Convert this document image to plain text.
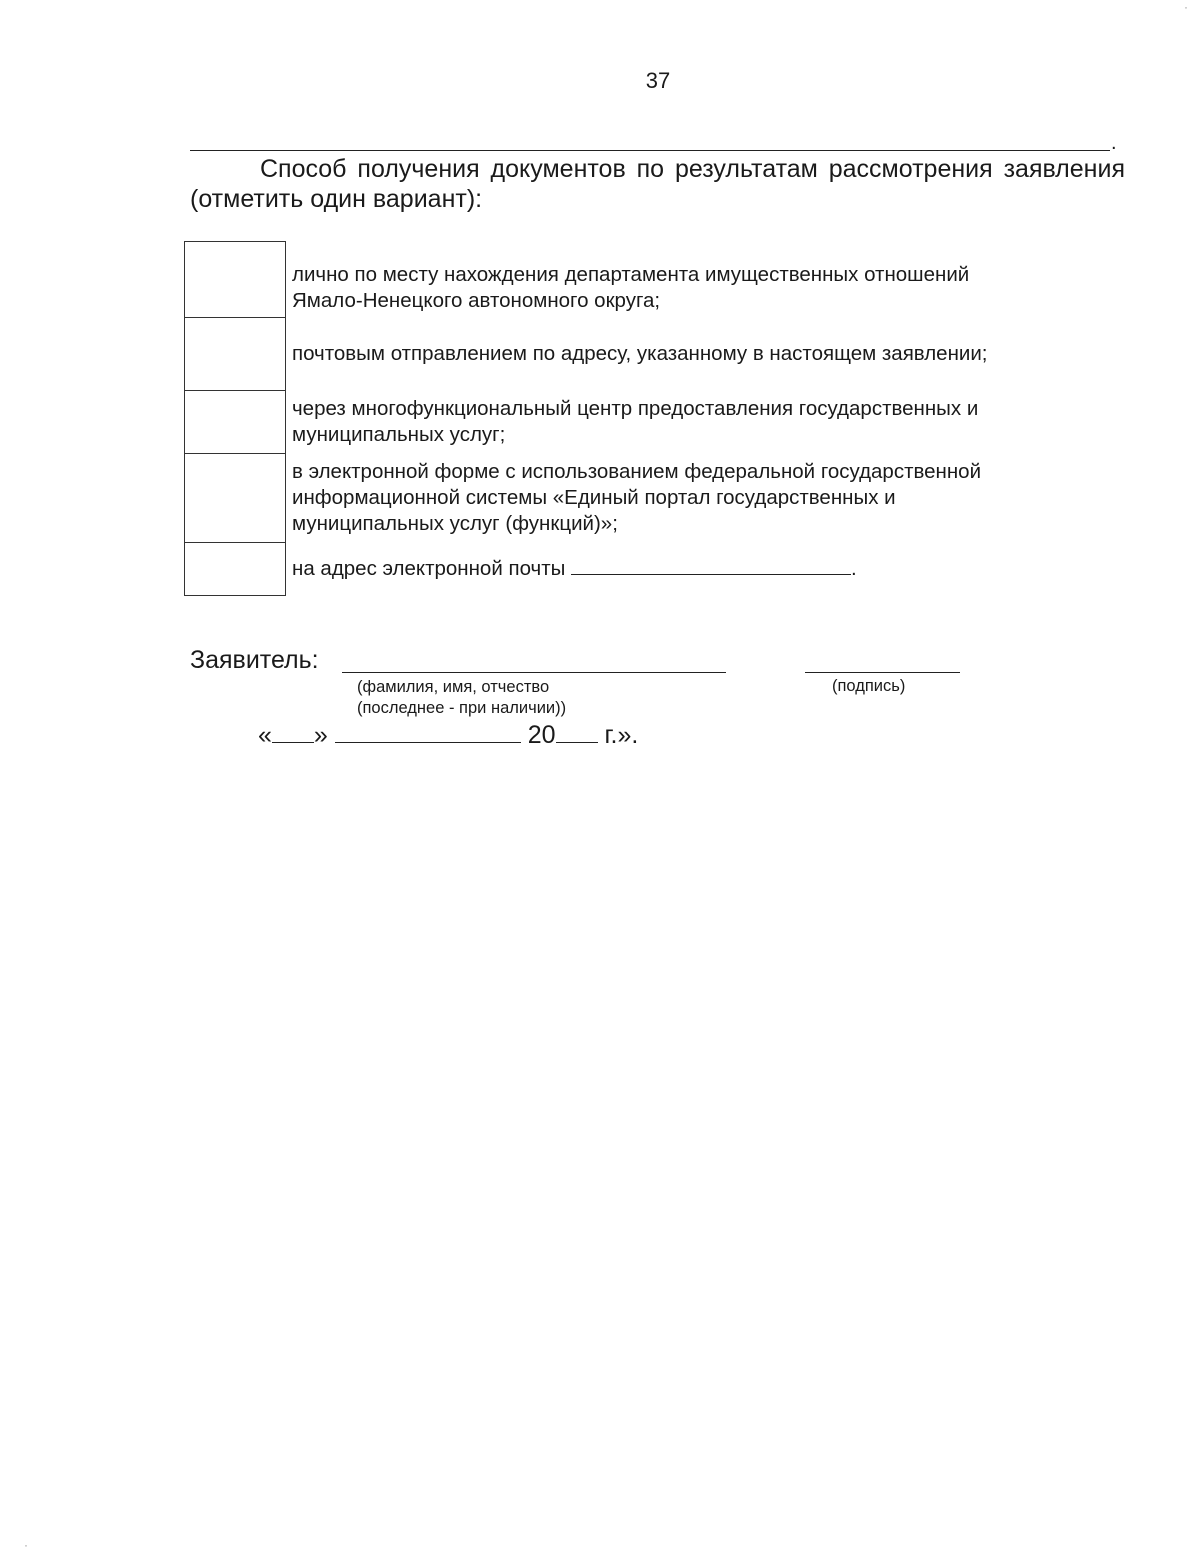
37
.
Способ получения документов по результатам рассмотрения заявления (отметить один вариант):
	лично по месту нахождения департамента имущественных отношений Ямало-Ненецкого автономного округа;
	почтовым отправлением по адресу, указанному в настоящем заявлении;
	через многофункциональный центр предоставления государственных и муниципальных услуг;
	в электронной форме с использованием федеральной государственной информационной системы «Единый портал государственных и муниципальных услуг (функций)»;
	на адрес электронной почты .
Заявитель:
(фамилия, имя, отчество
(последнее - при наличии))
(подпись)
« »	20 г.».
·
·
